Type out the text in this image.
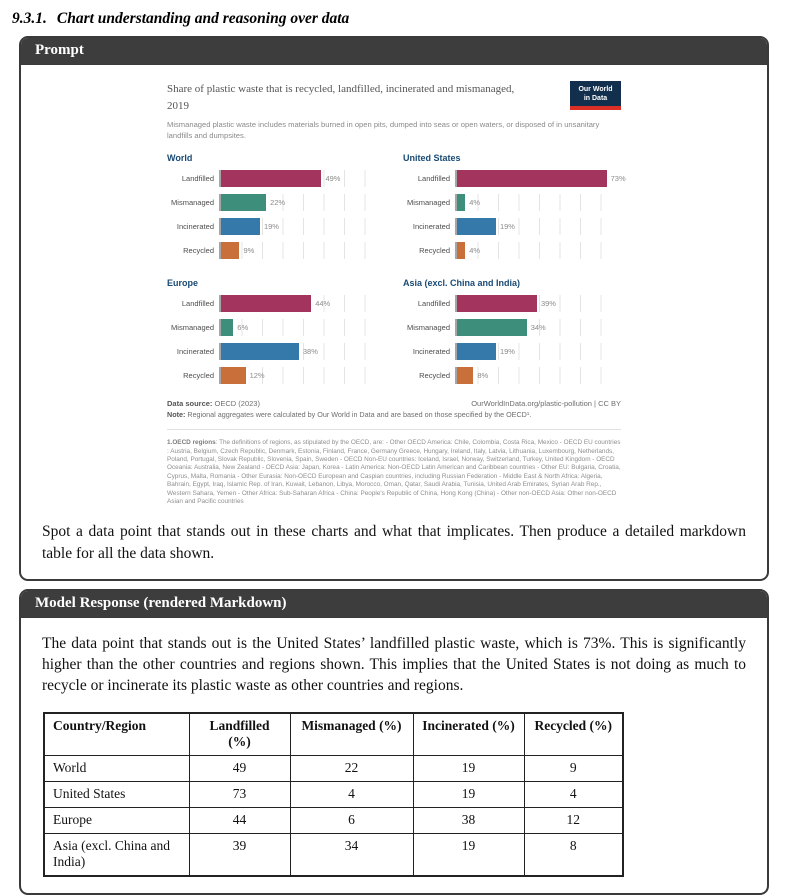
9.3.1. Chart understanding and reasoning over data
Prompt
Share of plastic waste that is recycled, landfilled, incinerated and mismanaged,
2019
Our World
in Data
Mismanaged plastic waste includes materials burned in open pits, dumped into seas or open waters, or disposed of in unsanitary landfills and dumpsites.
World
Landfilled	49%
Mismanaged	22%
Incinerated	19%
Recycled	9%
United States
Landfilled	73%
Mismanaged	4%
Incinerated	19%
Recycled	4%
Europe
Landfilled	44%
Mismanaged	6%
Incinerated	38%
Recycled	12%
Asia (excl. China and India)
Landfilled	39%
Mismanaged	34%
Incinerated	19%
Recycled	8%
Data source: OECD (2023)	OurWorldInData.org/plastic-pollution | CC BY
Note: Regional aggregates were calculated by Our World in Data and are based on those specified by the OECD¹.
1.OECD regions: The definitions of regions, as stipulated by the OECD, are: - Other OECD America: Chile, Colombia, Costa Rica, Mexico - OECD EU countries : Austria, Belgium, Czech Republic, Denmark, Estonia, Finland, France, Germany Greece, Hungary, Ireland, Italy, Latvia, Lithuania, Luxembourg, Netherlands, Poland, Portugal, Slovak Republic, Slovenia, Spain, Sweden - OECD Non-EU countries: Iceland, Israel, Norway, Switzerland, Turkey, United Kingdom - OECD Oceania: Australia, New Zealand - OECD Asia: Japan, Korea - Latin America: Non-OECD Latin American and Caribbean countries - Other EU: Bulgaria, Croatia, Cyprus, Malta, Romania - Other Eurasia: Non-OECD European and Caspian countries, including Russian Federation - Middle East & North Africa: Algeria, Bahrain, Egypt, Iraq, Islamic Rep. of Iran, Kuwait, Lebanon, Libya, Morocco, Oman, Qatar, Saudi Arabia, Tunisia, United Arab Emirates, Syrian Arab Rep., Western Sahara, Yemen - Other Africa: Sub-Saharan Africa - China: People's Republic of China, Hong Kong (China) - Other non-OECD Asia: Other non-OECD Asian and Pacific countries

Spot a data point that stands out in these charts and what that implicates. Then produce a detailed markdown table for all the data shown.

Model Response (rendered Markdown)

The data point that stands out is the United States’ landfilled plastic waste, which is 73%. This is significantly higher than the other countries and regions shown. This implies that the United States is not doing as much to recycle or incinerate its plastic waste as other countries and regions.

Country/Region	Landfilled (%)	Mismanaged (%)	Incinerated (%)	Recycled (%)
World	49	22	19	9
United States	73	4	19	4
Europe	44	6	38	12
Asia (excl. China and India)	39	34	19	8
